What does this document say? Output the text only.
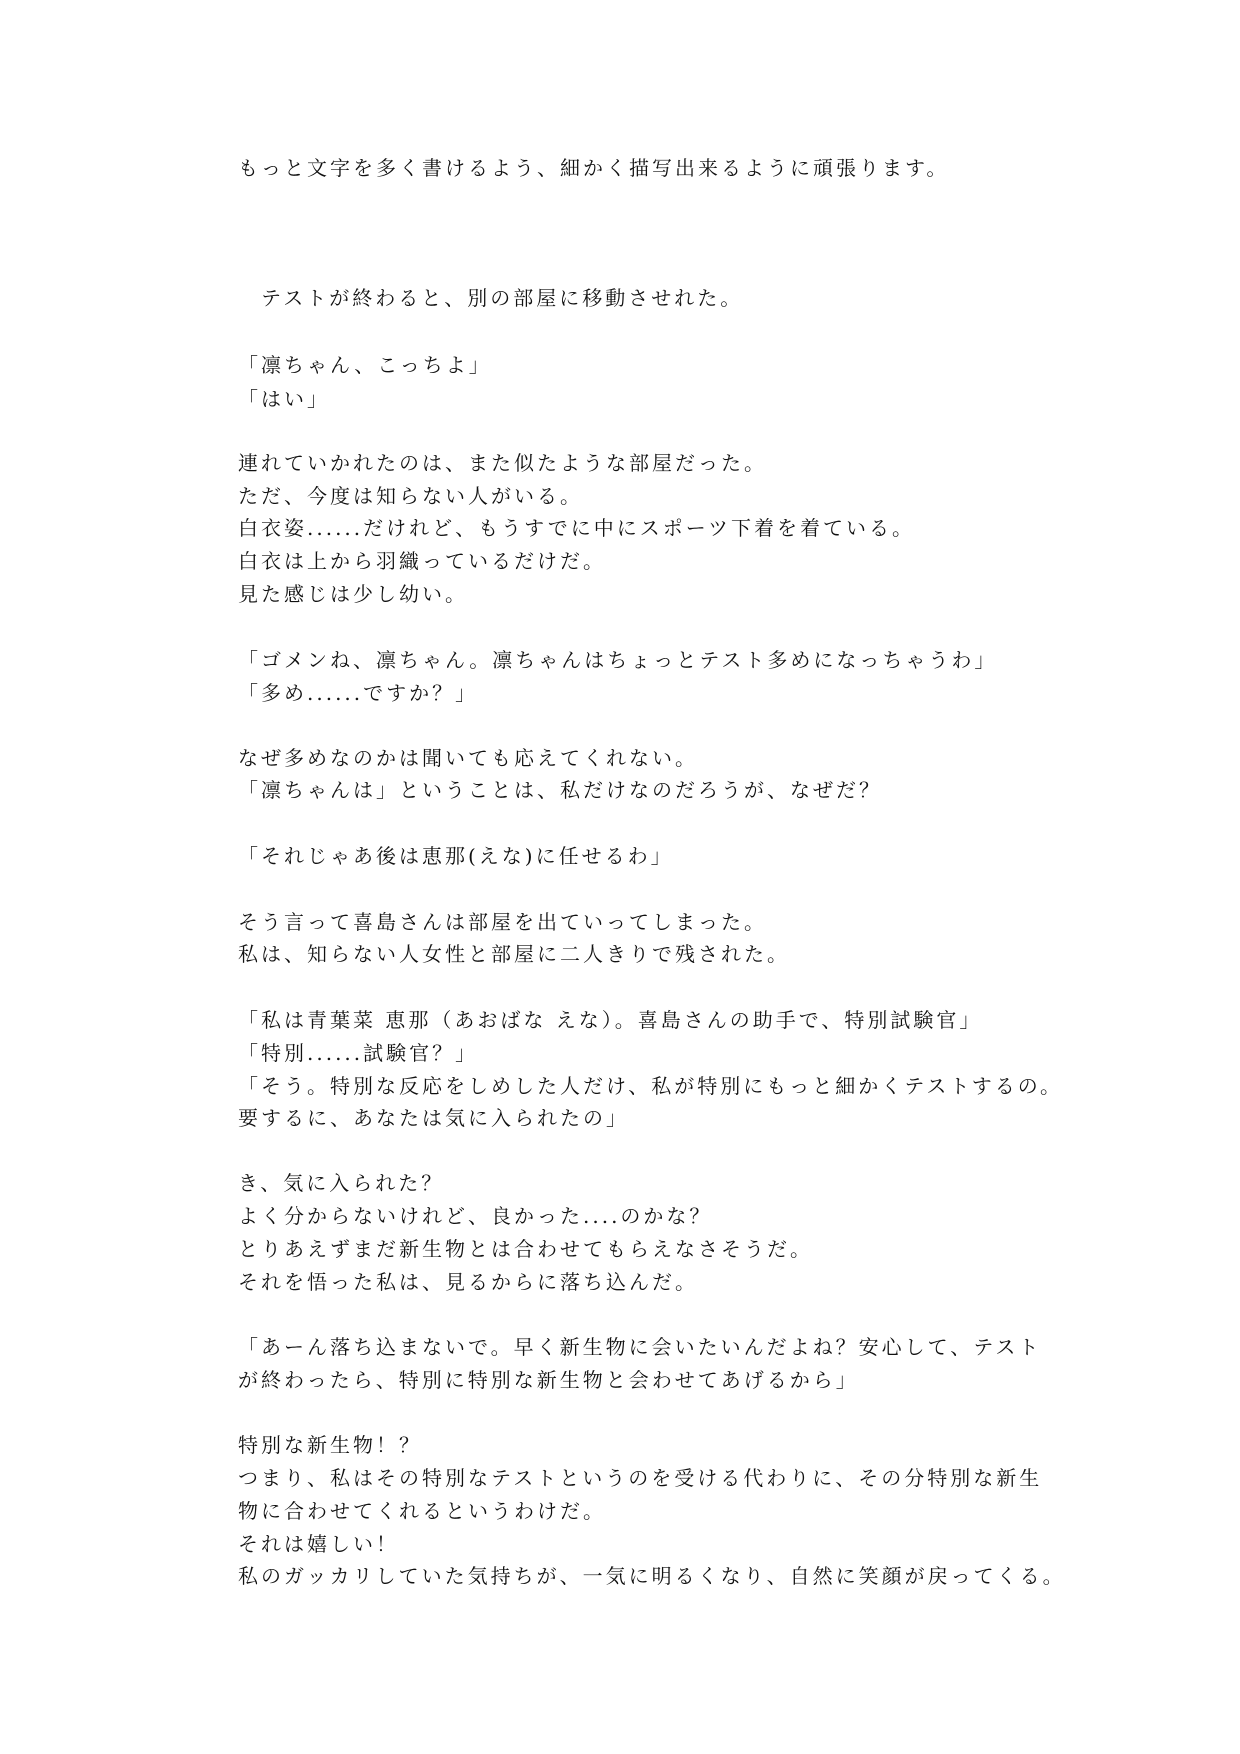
もっと文字を多く書けるよう、細かく描写出来るように頑張ります。
　テストが終わると、別の部屋に移動させれた。
「凛ちゃん、こっちよ」
「はい」
連れていかれたのは、また似たような部屋だった。
ただ、今度は知らない人がいる。
白衣姿......だけれど、もうすでに中にスポーツ下着を着ている。
白衣は上から羽織っているだけだ。
見た感じは少し幼い。
「ゴメンね、凛ちゃん。凛ちゃんはちょっとテスト多めになっちゃうわ」
「多め......ですか？」
なぜ多めなのかは聞いても応えてくれない。
「凛ちゃんは」ということは、私だけなのだろうが、なぜだ？
「それじゃあ後は恵那(えな)に任せるわ」
そう言って喜島さんは部屋を出ていってしまった。
私は、知らない人女性と部屋に二人きりで残された。
「私は青葉菜 恵那（あおばな えな）。喜島さんの助手で、特別試験官」
「特別......試験官？」
「そう。特別な反応をしめした人だけ、私が特別にもっと細かくテストするの。
要するに、あなたは気に入られたの」
き、気に入られた？
よく分からないけれど、良かった....のかな？
とりあえずまだ新生物とは合わせてもらえなさそうだ。
それを悟った私は、見るからに落ち込んだ。
「あーん落ち込まないで。早く新生物に会いたいんだよね？安心して、テスト
が終わったら、特別に特別な新生物と会わせてあげるから」
特別な新生物！？
つまり、私はその特別なテストというのを受ける代わりに、その分特別な新生
物に合わせてくれるというわけだ。
それは嬉しい！
私のガッカリしていた気持ちが、一気に明るくなり、自然に笑顔が戻ってくる。
